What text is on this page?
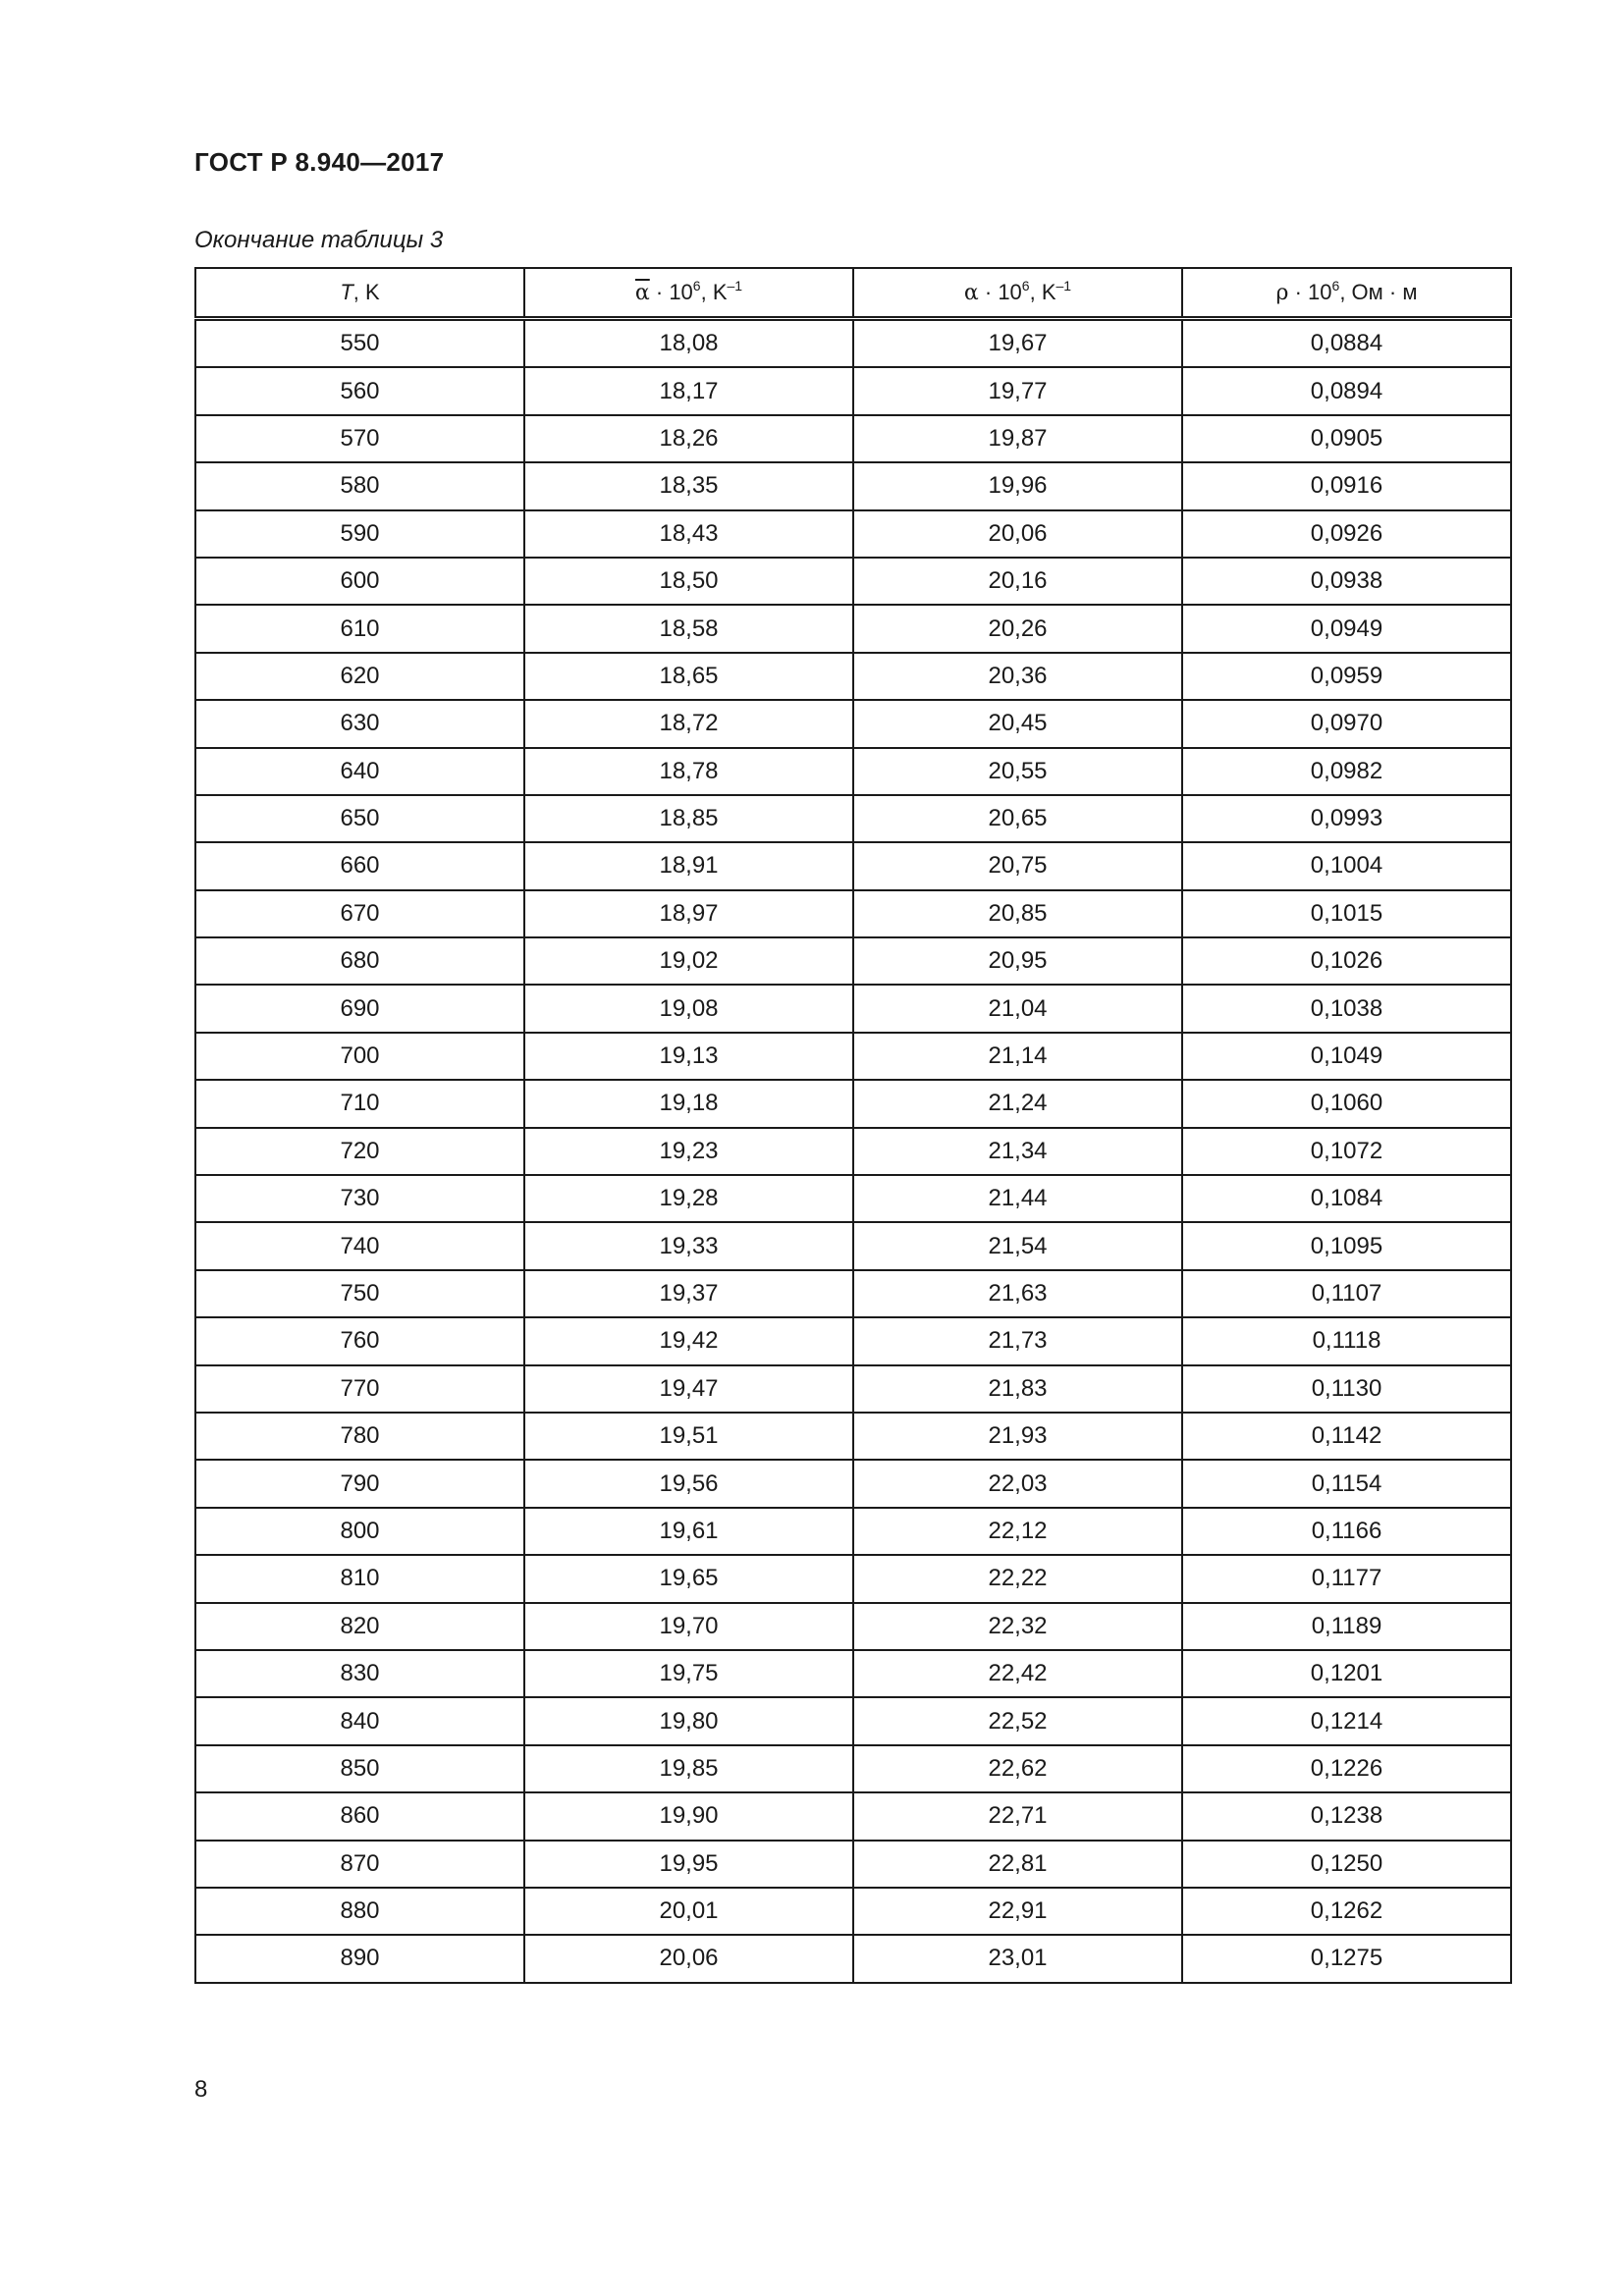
ГОСТ Р 8.940—2017
Окончание таблицы 3
T, K	$\overline{\alpha} \cdot 10^6$, $K^{-1}$	$\alpha \cdot 10^6$, $K^{-1}$	$\rho \cdot 10^6$, Ом · м
550	18,08	19,67	0,0884
560	18,17	19,77	0,0894
570	18,26	19,87	0,0905
580	18,35	19,96	0,0916
590	18,43	20,06	0,0926
600	18,50	20,16	0,0938
610	18,58	20,26	0,0949
620	18,65	20,36	0,0959
630	18,72	20,45	0,0970
640	18,78	20,55	0,0982
650	18,85	20,65	0,0993
660	18,91	20,75	0,1004
670	18,97	20,85	0,1015
680	19,02	20,95	0,1026
690	19,08	21,04	0,1038
700	19,13	21,14	0,1049
710	19,18	21,24	0,1060
720	19,23	21,34	0,1072
730	19,28	21,44	0,1084
740	19,33	21,54	0,1095
750	19,37	21,63	0,1107
760	19,42	21,73	0,1118
770	19,47	21,83	0,1130
780	19,51	21,93	0,1142
790	19,56	22,03	0,1154
800	19,61	22,12	0,1166
810	19,65	22,22	0,1177
820	19,70	22,32	0,1189
830	19,75	22,42	0,1201
840	19,80	22,52	0,1214
850	19,85	22,62	0,1226
860	19,90	22,71	0,1238
870	19,95	22,81	0,1250
880	20,01	22,91	0,1262
890	20,06	23,01	0,1275
8
